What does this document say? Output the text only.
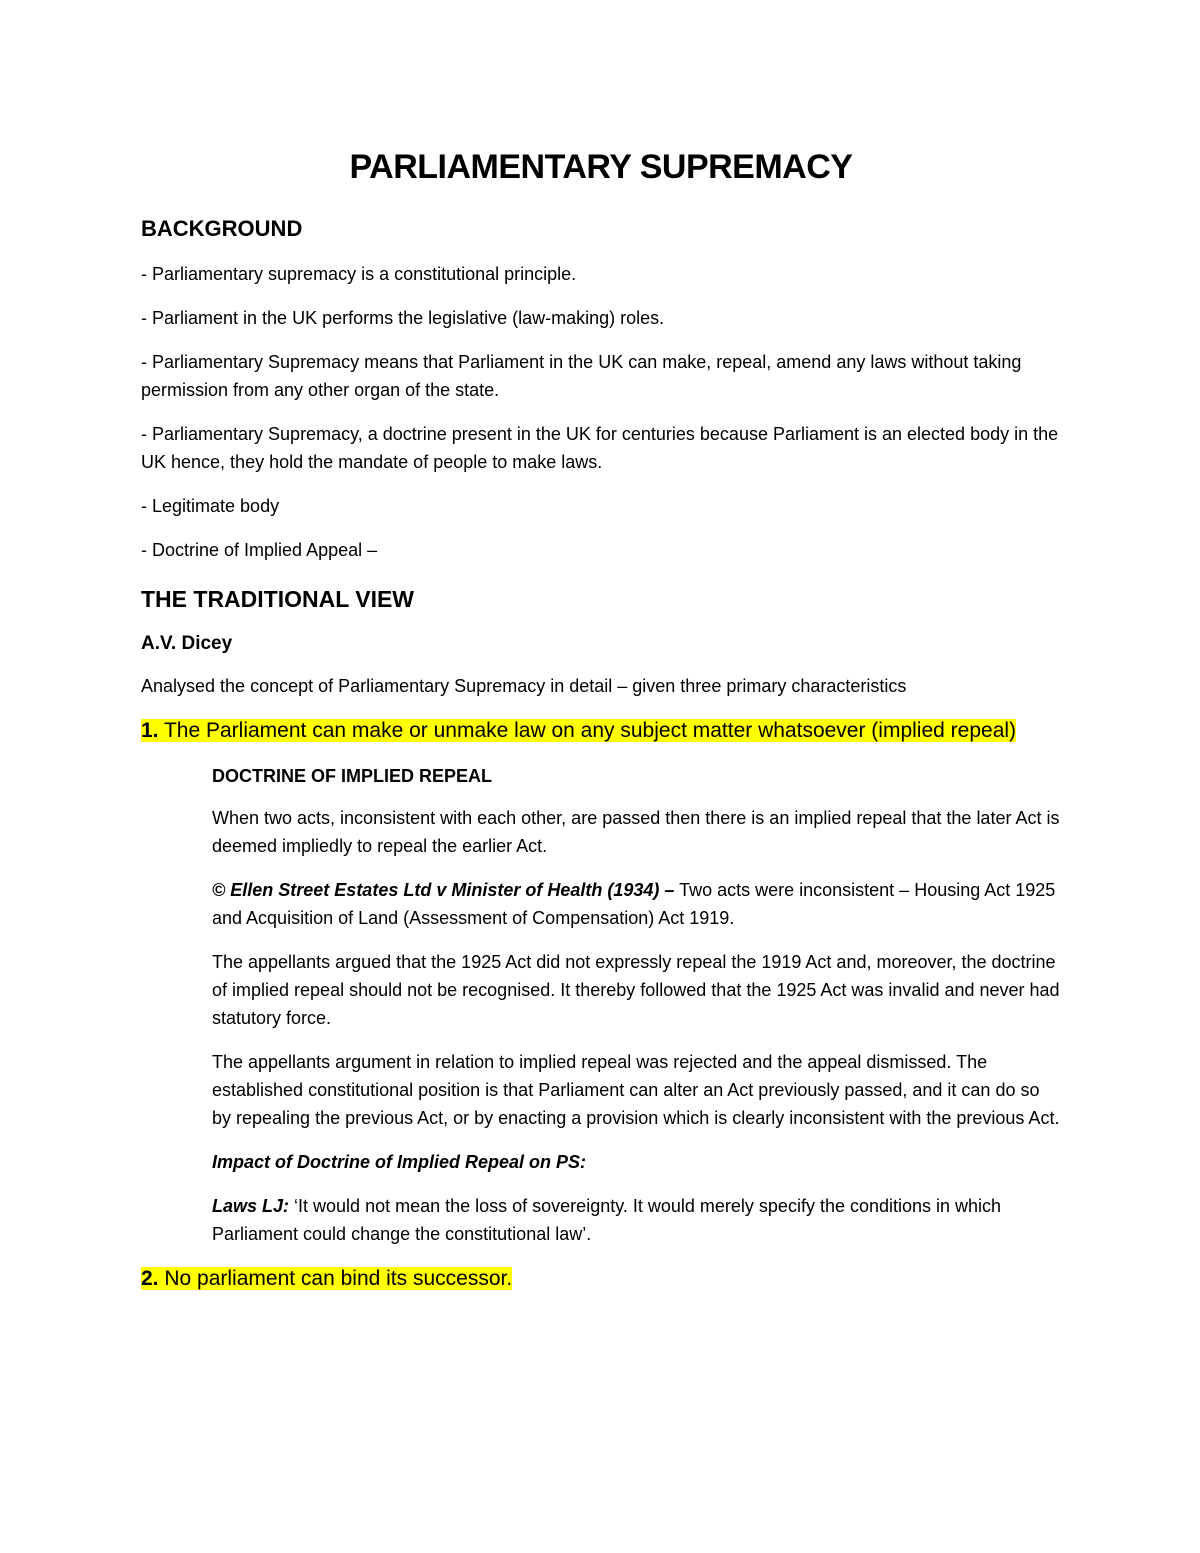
PARLIAMENTARY SUPREMACY
BACKGROUND
- Parliamentary supremacy is a constitutional principle.
- Parliament in the UK performs the legislative (law-making) roles.
- Parliamentary Supremacy means that Parliament in the UK can make, repeal, amend any laws without taking permission from any other organ of the state.
- Parliamentary Supremacy, a doctrine present in the UK for centuries because Parliament is an elected body in the UK hence, they hold the mandate of people to make laws.
- Legitimate body
- Doctrine of Implied Appeal –
THE TRADITIONAL VIEW
A.V. Dicey
Analysed the concept of Parliamentary Supremacy in detail – given three primary characteristics
1. The Parliament can make or unmake law on any subject matter whatsoever (implied repeal)
DOCTRINE OF IMPLIED REPEAL
When two acts, inconsistent with each other, are passed then there is an implied repeal that the later Act is deemed impliedly to repeal the earlier Act.
© Ellen Street Estates Ltd v Minister of Health (1934) – Two acts were inconsistent – Housing Act 1925 and Acquisition of Land (Assessment of Compensation) Act 1919.
The appellants argued that the 1925 Act did not expressly repeal the 1919 Act and, moreover, the doctrine of implied repeal should not be recognised. It thereby followed that the 1925 Act was invalid and never had statutory force.
The appellants argument in relation to implied repeal was rejected and the appeal dismissed. The established constitutional position is that Parliament can alter an Act previously passed, and it can do so by repealing the previous Act, or by enacting a provision which is clearly inconsistent with the previous Act.
Impact of Doctrine of Implied Repeal on PS:
Laws LJ: ‘It would not mean the loss of sovereignty. It would merely specify the conditions in which Parliament could change the constitutional law’.
2. No parliament can bind its successor.
